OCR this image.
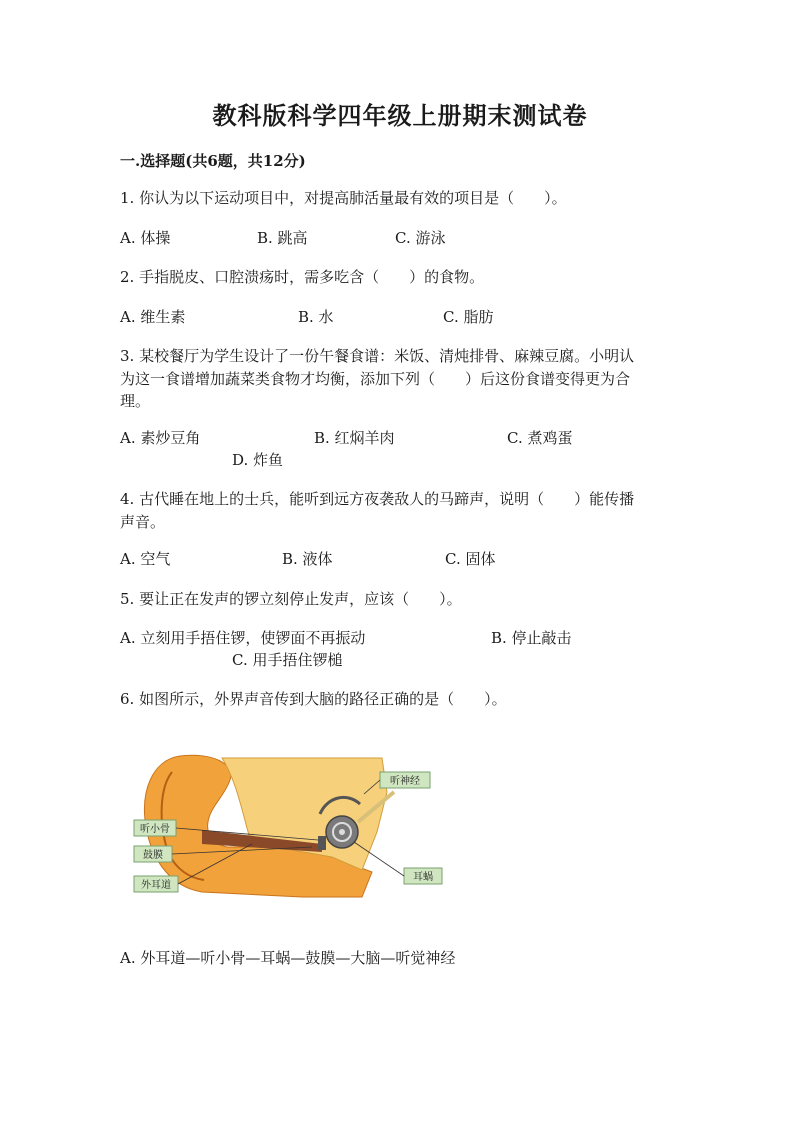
教科版科学四年级上册期末测试卷
一.选择题(共6题，共12分)
1. 你认为以下运动项目中，对提高肺活量最有效的项目是（　　）。
A. 体操	B. 跳高	C. 游泳
2. 手指脱皮、口腔溃疡时，需多吃含（　　）的食物。
A. 维生素	B. 水	C. 脂肪
3. 某校餐厅为学生设计了一份午餐食谱：米饭、清炖排骨、麻辣豆腐。小明认
为这一食谱增加蔬菜类食物才均衡，添加下列（　　）后这份食谱变得更为合
理。
A. 素炒豆角	B. 红焖羊肉	C. 煮鸡蛋
D. 炸鱼
4. 古代睡在地上的士兵，能听到远方夜袭敌人的马蹄声，说明（　　）能传播
声音。
A. 空气	B. 液体	C. 固体
5. 要让正在发声的锣立刻停止发声，应该（　　）。
A. 立刻用手捂住锣，使锣面不再振动	B. 停止敲击
C. 用手捂住锣槌
6. 如图所示，外界声音传到大脑的路径正确的是（　　）。
听神经
听小骨
鼓膜
外耳道
耳蜗
A. 外耳道—听小骨—耳蜗—鼓膜—大脑—听觉神经
